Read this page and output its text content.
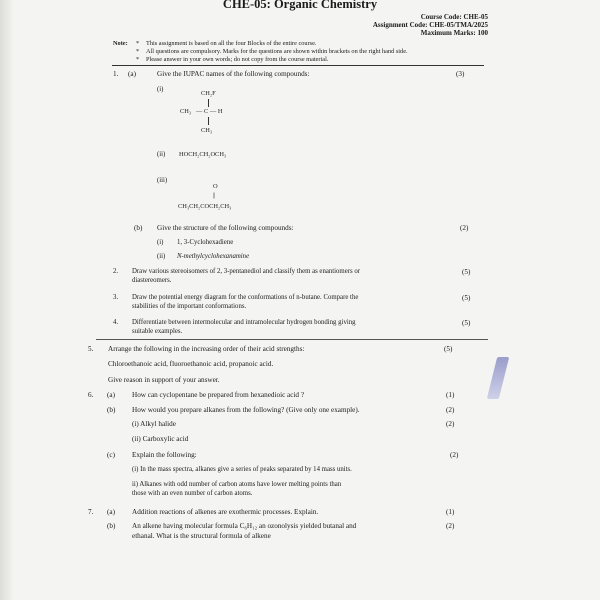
CHE-05: Organic Chemistry
Course Code: CHE-05
Assignment Code: CHE-05/TMA/2025
Maximum Marks: 100
Note: * This assignment is based on all the four Blocks of the entire course.
* All questions are compulsory. Marks for the questions are shown within brackets on the right hand side.
* Please answer in your own words; do not copy from the course material.
1. (a)	Give the IUPAC names of the following compounds:	(3)
(i)
CH₂F
CH₃ — C — H
CH₃
(ii) HOCH₂CH₂OCH₃
(iii)
O
||
CH₃CH₂COCH₂CH₃
(b) Give the structure of the following compounds:	(2)
(i) 1, 3-Cyclohexadiene
(ii) N-methylcyclohexanamine
2. Draw various stereoisomers of 2, 3-pentanediol and classify them as enantiomers or
diastereomers.
(5)
3. Draw the potential energy diagram for the conformations of n-butane. Compare the
stabilities of the important conformations.
(5)
4. Differentiate between intermolecular and intramolecular hydrogen bonding giving
suitable examples.
(5)
5. Arrange the following in the increasing order of their acid strengths:	(5)
Chloroethanoic acid, fluoroethanoic acid, propanoic acid.
Give reason in support of your answer.
6. (a) How can cyclopentane be prepared from hexanedioic acid ?	(1)
(b) How would you prepare alkanes from the following? (Give only one example).	(2)
(i) Alkyl halide	(2)
(ii) Carboxylic acid
(c) Explain the following:	(2)
(i) In the mass spectra, alkanes give a series of peaks separated by 14 mass units.
ii) Alkanes with odd number of carbon atoms have lower melting points than
those with an even number of carbon atoms.
7. (a) Addition reactions of alkenes are exothermic processes. Explain.	(1)
(b) An alkene having molecular formula C₆H₁₂ an ozonolysis yielded butanal and
ethanal. What is the structural formula of alkene
(2)
